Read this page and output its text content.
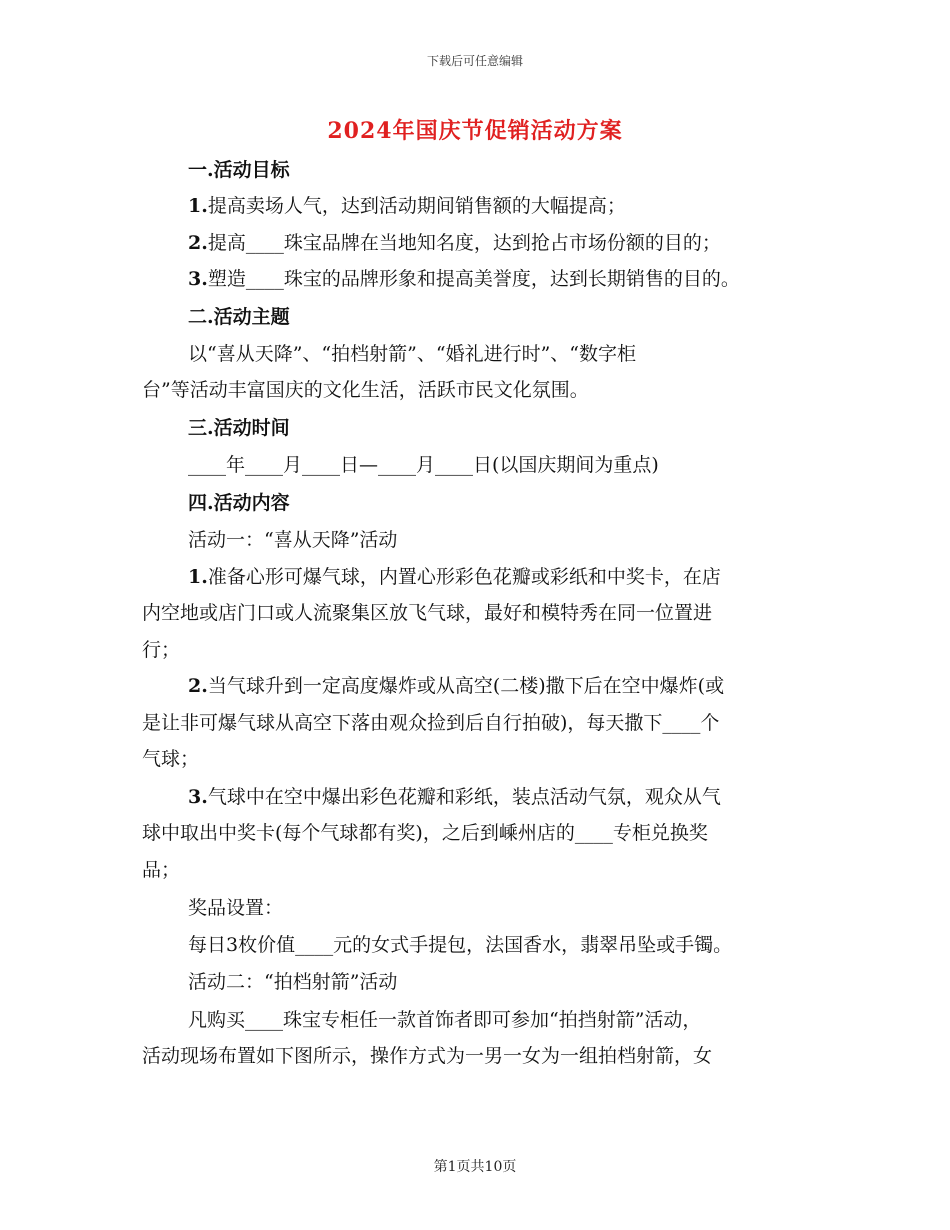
下载后可任意编辑
2024年国庆节促销活动方案
一.活动目标
1.提高卖场人气，达到活动期间销售额的大幅提高；
2.提高____珠宝品牌在当地知名度，达到抢占市场份额的目的；
3.塑造____珠宝的品牌形象和提高美誉度，达到长期销售的目的。
二.活动主题
以“喜从天降”、“拍档射箭”、“婚礼进行时”、“数字柜
台”等活动丰富国庆的文化生活，活跃市民文化氛围。
三.活动时间
____年____月____日—____月____日(以国庆期间为重点)
四.活动内容
活动一：“喜从天降”活动
1.准备心形可爆气球，内置心形彩色花瓣或彩纸和中奖卡，在店
内空地或店门口或人流聚集区放飞气球，最好和模特秀在同一位置进
行；
2.当气球升到一定高度爆炸或从高空(二楼)撒下后在空中爆炸(或
是让非可爆气球从高空下落由观众捡到后自行拍破)，每天撒下____个
气球；
3.气球中在空中爆出彩色花瓣和彩纸，装点活动气氛，观众从气
球中取出中奖卡(每个气球都有奖)，之后到嵊州店的____专柜兑换奖
品；
奖品设置：
每日3枚价值____元的女式手提包，法国香水，翡翠吊坠或手镯。
活动二：“拍档射箭”活动
凡购买____珠宝专柜任一款首饰者即可参加“拍挡射箭”活动，
活动现场布置如下图所示，操作方式为一男一女为一组拍档射箭，女
第1页共10页
